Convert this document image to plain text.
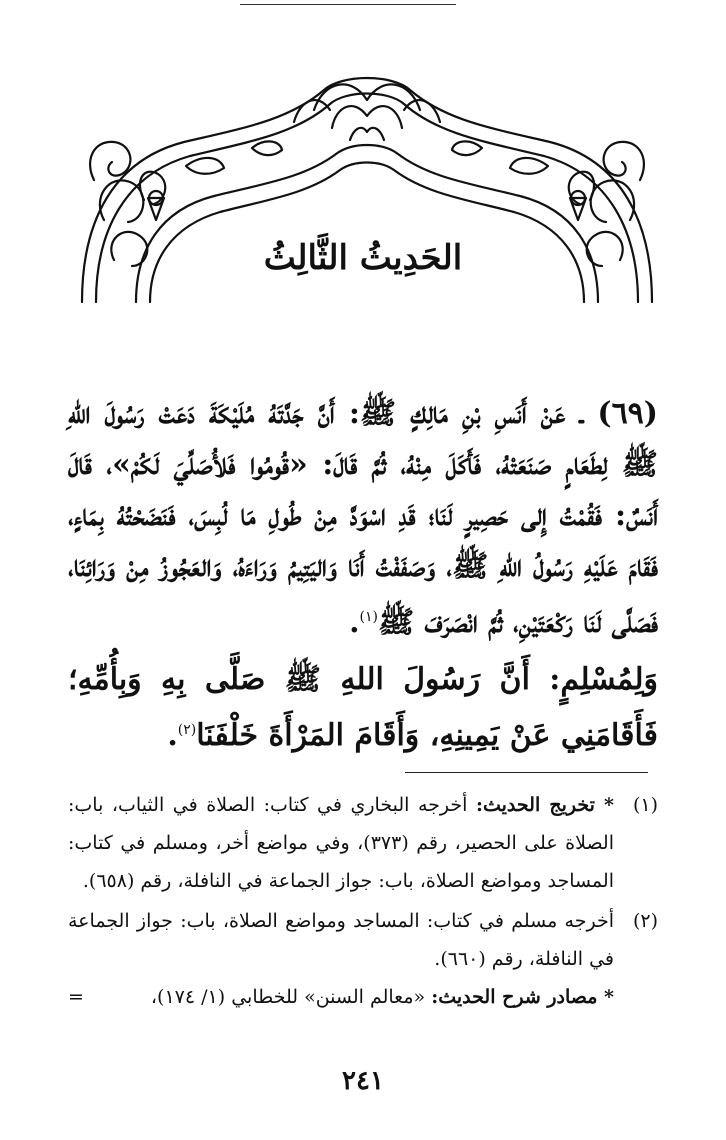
الحَدِيثُ الثَّالِثُ

(٦٩) ـ عَنْ أَنَسِ بْنِ مَالِكٍ ﷺ: أَنَّ جَدَّتَهُ مُلَيْكَةَ دَعَتْ رَسُولَ اللهِ ﷺ لِطَعَامٍ صَنَعَتْهُ، فَأَكَلَ مِنْهُ، ثُمَّ قَالَ: «قُومُوا فَلأُصَلِّيَ لَكُمْ»، قَالَ أَنَسٌ: فَقُمْتُ إِلى حَصِيرٍ لَنَا؛ قَدِ اسْوَدَّ مِنْ طُولِ مَا لُبِسَ، فَنَضَحْتُهُ بِمَاءٍ، فَقَامَ عَلَيْهِ رَسُولُ اللهِ ﷺ، وَصَفَفْتُ أَنَا وَاليَتِيمُ وَرَاءَهُ، وَالعَجُوزُ مِنْ وَرَائِنَا، فَصَلَّى لَنَا رَكْعَتَيْنِ، ثُمَّ انْصَرَفَ ﷺ$^{(١)}$.

وَلِمُسْلِمٍ: أَنَّ رَسُولَ اللهِ ﷺ صَلَّى بِهِ وَبِأُمِّهِ؛ فَأَقَامَنِي عَنْ يَمِينِهِ، وَأَقَامَ المَرْأَةَ خَلْفَنَا$^{(٢)}$.

(١)
* تخريج الحديث: أخرجه البخاري في كتاب: الصلاة في الثياب، باب: الصلاة على الحصير، رقم (٣٧٣)، وفي مواضع أخر، ومسلم في كتاب: المساجد ومواضع الصلاة، باب: جواز الجماعة في النافلة، رقم (٦٥٨).
(٢)
أخرجه مسلم في كتاب: المساجد ومواضع الصلاة، باب: جواز الجماعة في النافلة، رقم (٦٦٠).
* مصادر شرح الحديث: «معالم السنن» للخطابي (١/ ١٧٤)،
=
٢٤١
